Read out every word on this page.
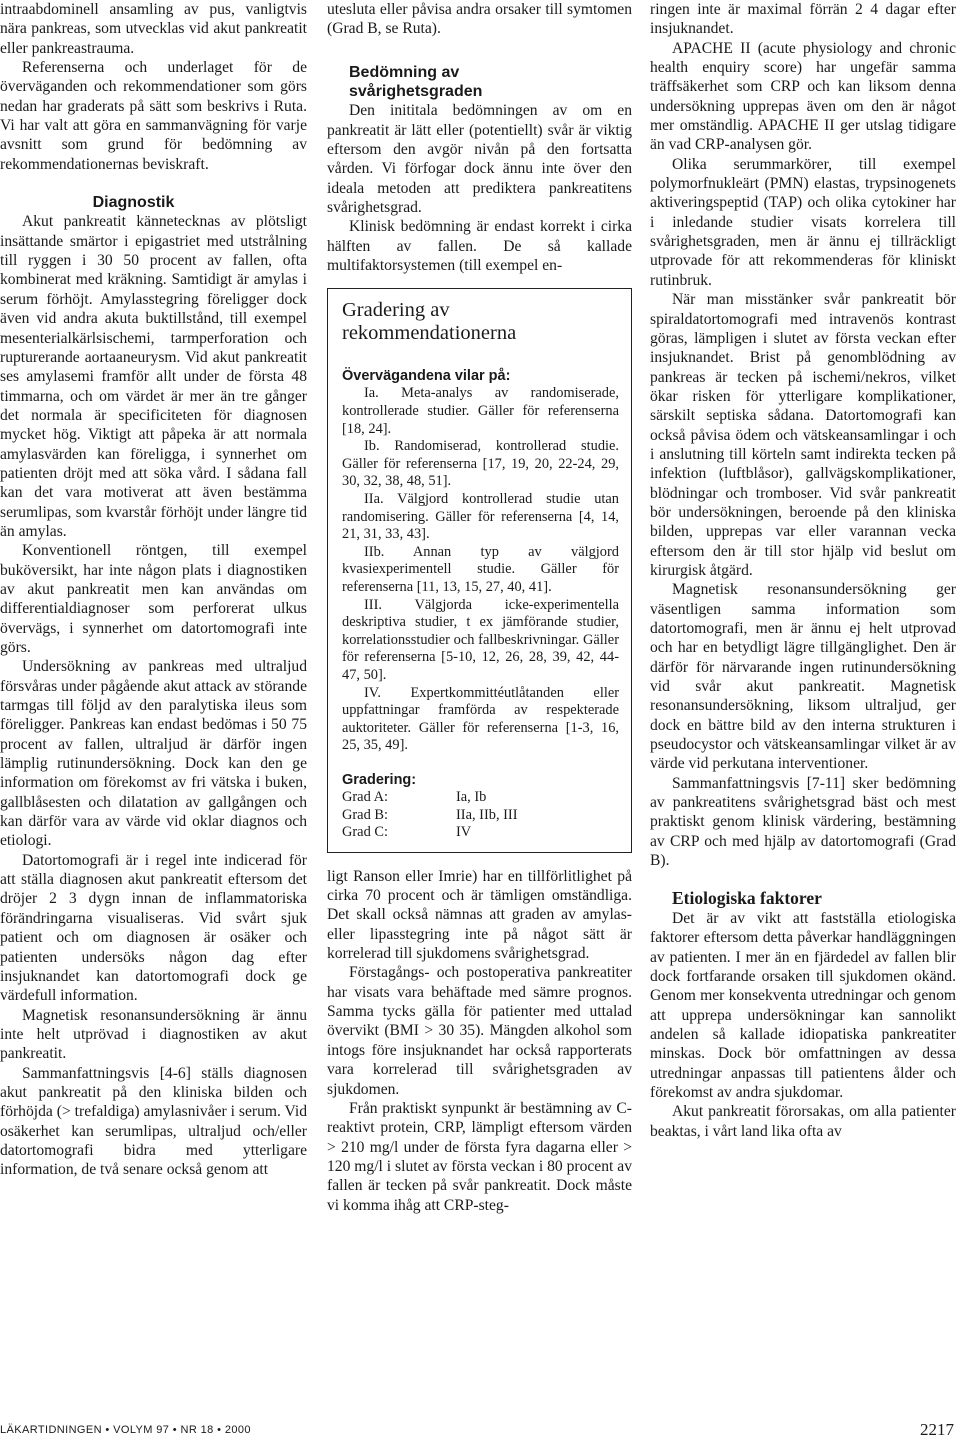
intraabdominell ansamling av pus, vanligtvis nära pankreas, som utvecklas vid akut pankreatit eller pankreastrauma.

Referenserna och underlaget för de överväganden och rekommendationer som görs nedan har graderats på sätt som beskrivs i Ruta. Vi har valt att göra en sammanvägning för varje avsnitt som grund för bedömning av rekommendationernas beviskraft.

Diagnostik

Akut pankreatit kännetecknas av plötsligt insättande smärtor i epigastriet med utstrålning till ryggen i 30 50 procent av fallen, ofta kombinerat med kräkning. Samtidigt är amylas i serum förhöjt. Amylasstegring föreligger dock även vid andra akuta buktillstånd, till exempel mesenterialkärlsischemi, tarmperforation och rupturerande aortaaneurysm. Vid akut pankreatit ses amylasemi framför allt under de första 48 timmarna, och om värdet är mer än tre gånger det normala är specificiteten för diagnosen mycket hög. Viktigt att påpeka är att normala amylasvärden kan föreligga, i synnerhet om patienten dröjt med att söka vård. I sådana fall kan det vara motiverat att även bestämma serumlipas, som kvarstår förhöjt under längre tid än amylas.

Konventionell röntgen, till exempel buköversikt, har inte någon plats i diagnostiken av akut pankreatit men kan användas om differentialdiagnoser som perforerat ulkus övervägs, i synnerhet om datortomografi inte görs.

Undersökning av pankreas med ultraljud försvåras under pågående akut attack av störande tarmgas till följd av den paralytiska ileus som föreligger. Pankreas kan endast bedömas i 50 75 procent av fallen, ultraljud är därför ingen lämplig rutinundersökning. Dock kan den ge information om förekomst av fri vätska i buken, gallblåsesten och dilatation av gallgången och kan därför vara av värde vid oklar diagnos och etiologi.

Datortomografi är i regel inte indicerad för att ställa diagnosen akut pankreatit eftersom det dröjer 2 3 dygn innan de inflammatoriska förändringarna visualiseras. Vid svårt sjuk patient och om diagnosen är osäker och patienten undersöks någon dag efter insjuknandet kan datortomografi dock ge värdefull information.

Magnetisk resonansundersökning är ännu inte helt utprövad i diagnostiken av akut pankreatit.

Sammanfattningsvis [4-6] ställs diagnosen akut pankreatit på den kliniska bilden och förhöjda (> trefaldiga) amylasnivåer i serum. Vid osäkerhet kan serumlipas, ultraljud och/eller datortomografi bidra med ytterligare information, de två senare också genom att

utesluta eller påvisa andra orsaker till symtomen (Grad B, se Ruta).

Bedömning av svårighetsgraden

Den inititala bedömningen av om en pankreatit är lätt eller (potentiellt) svår är viktig eftersom den avgör nivån på den fortsatta vården. Vi förfogar dock ännu inte över den ideala metoden att prediktera pankreatitens svårighetsgrad.

Klinisk bedömning är endast korrekt i cirka hälften av fallen. De så kallade multifaktorsystemen (till exempel en-

Gradering av rekommendationerna
Övervägandena vilar på:

Ia. Meta-analys av randomiserade, kontrollerade studier. Gäller för referenserna [18, 24].

Ib. Randomiserad, kontrollerad studie. Gäller för referenserna [17, 19, 20, 22-24, 29, 30, 32, 38, 48, 51].

IIa. Välgjord kontrollerad studie utan randomisering. Gäller för referenserna [4, 14, 21, 31, 33, 43].

IIb. Annan typ av välgjord kvasiexperimentell studie. Gäller för referenserna [11, 13, 15, 27, 40, 41].

III. Välgjorda icke-experimentella deskriptiva studier, t ex jämförande studier, korrelationsstudier och fallbeskrivningar. Gäller för referenserna [5-10, 12, 26, 28, 39, 42, 44-47, 50].

IV. Expertkommittéutlåtanden eller uppfattningar framförda av respekterade auktoriteter. Gäller för referenserna [1-3, 16, 25, 35, 49].

Gradering:
Grad A:	Ia, Ib
Grad B:	IIa, IIb, III
Grad C:	IV

ligt Ranson eller Imrie) har en tillförlitlighet på cirka 70 procent och är tämligen omständliga. Det skall också nämnas att graden av amylas- eller lipasstegring inte på något sätt är korrelerad till sjukdomens svårighetsgrad.

Förstagångs- och postoperativa pankreatiter har visats vara behäftade med sämre prognos. Samma tycks gälla för patienter med uttalad övervikt (BMI > 30 35). Mängden alkohol som intogs före insjuknandet har också rapporterats vara korrelerad till svårighetsgraden av sjukdomen.

Från praktiskt synpunkt är bestämning av C-reaktivt protein, CRP, lämpligt eftersom värden > 210 mg/l under de första fyra dagarna eller > 120 mg/l i slutet av första veckan i 80 procent av fallen är tecken på svår pankreatit. Dock måste vi komma ihåg att CRP-steg-

ringen inte är maximal förrän 2 4 dagar efter insjuknandet.

APACHE II (acute physiology and chronic health enquiry score) har ungefär samma träffsäkerhet som CRP och kan liksom denna undersökning upprepas även om den är något mer omständlig. APACHE II ger utslag tidigare än vad CRP-analysen gör.

Olika serummarkörer, till exempel polymorfnukleärt (PMN) elastas, trypsinogenets aktiveringspeptid (TAP) och olika cytokiner har i inledande studier visats korrelera till svårighetsgraden, men är ännu ej tillräckligt utprovade för att rekommenderas för kliniskt rutinbruk.

När man misstänker svår pankreatit bör spiraldatortomografi med intravenös kontrast göras, lämpligen i slutet av första veckan efter insjuknandet. Brist på genomblödning av pankreas är tecken på ischemi/nekros, vilket ökar risken för ytterligare komplikationer, särskilt septiska sådana. Datortomografi kan också påvisa ödem och vätskeansamlingar i och i anslutning till körteln samt indirekta tecken på infektion (luftblåsor), gallvägskomplikationer, blödningar och tromboser. Vid svår pankreatit bör undersökningen, beroende på den kliniska bilden, upprepas var eller varannan vecka eftersom den är till stor hjälp vid beslut om kirurgisk åtgärd.

Magnetisk resonansundersökning ger väsentligen samma information som datortomografi, men är ännu ej helt utprovad och har en betydligt lägre tillgänglighet. Den är därför för närvarande ingen rutinundersökning vid svår akut pankreatit. Magnetisk resonansundersökning, liksom ultraljud, ger dock en bättre bild av den interna strukturen i pseudocystor och vätskeansamlingar vilket är av värde vid perkutana interventioner.

Sammanfattningsvis [7-11] sker bedömning av pankreatitens svårighetsgrad bäst och mest praktiskt genom klinisk värdering, bestämning av CRP och med hjälp av datortomografi (Grad B).

Etiologiska faktorer

Det är av vikt att fastställa etiologiska faktorer eftersom detta påverkar handläggningen av patienten. I mer än en fjärdedel av fallen blir dock fortfarande orsaken till sjukdomen okänd. Genom mer konsekventa utredningar och genom att upprepa undersökningar kan sannolikt andelen så kallade idiopatiska pankreatiter minskas. Dock bör omfattningen av dessa utredningar anpassas till patientens ålder och förekomst av andra sjukdomar.

Akut pankreatit förorsakas, om alla patienter beaktas, i vårt land lika ofta av

LÄKARTIDNINGEN • VOLYM 97 • NR 18 • 2000	2217
